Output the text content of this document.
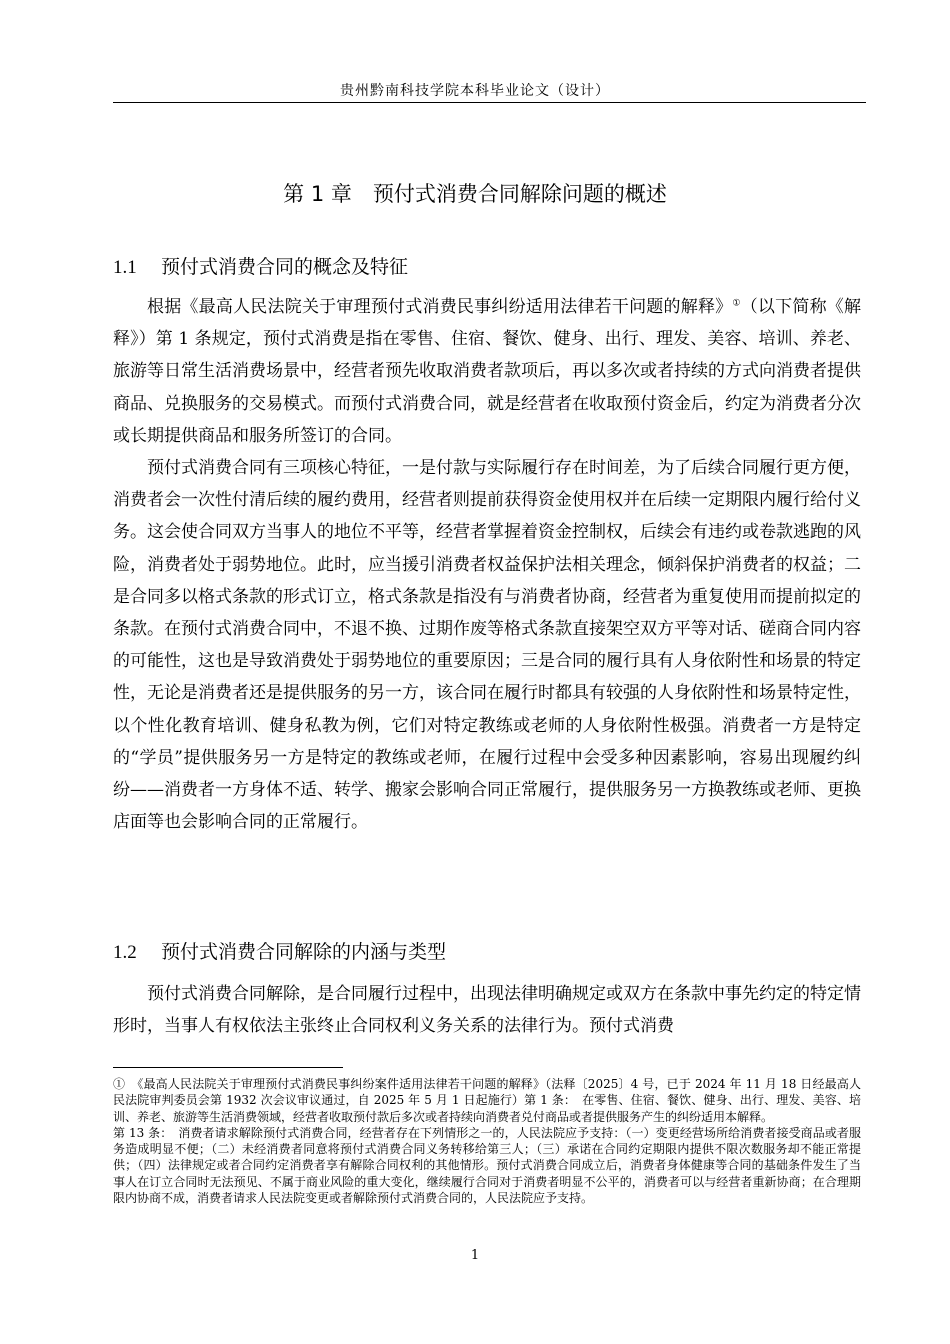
贵州黔南科技学院本科毕业论文（设计）
第 1 章　预付式消费合同解除问题的概述
1.1 预付式消费合同的概念及特征

根据《最高人民法院关于审理预付式消费民事纠纷适用法律若干问题的解释》①（以下简称《解释》）第 1 条规定，预付式消费是指在零售、住宿、餐饮、健身、出行、理发、美容、培训、养老、旅游等日常生活消费场景中，经营者预先收取消费者款项后，再以多次或者持续的方式向消费者提供商品、兑换服务的交易模式。而预付式消费合同，就是经营者在收取预付资金后，约定为消费者分次或长期提供商品和服务所签订的合同。

预付式消费合同有三项核心特征，一是付款与实际履行存在时间差，为了后续合同履行更方便，消费者会一次性付清后续的履约费用，经营者则提前获得资金使用权并在后续一定期限内履行给付义务。这会使合同双方当事人的地位不平等，经营者掌握着资金控制权，后续会有违约或卷款逃跑的风险，消费者处于弱势地位。此时，应当援引消费者权益保护法相关理念，倾斜保护消费者的权益；二是合同多以格式条款的形式订立，格式条款是指没有与消费者协商，经营者为重复使用而提前拟定的条款。在预付式消费合同中，不退不换、过期作废等格式条款直接架空双方平等对话、磋商合同内容的可能性，这也是导致消费处于弱势地位的重要原因；三是合同的履行具有人身依附性和场景的特定性，无论是消费者还是提供服务的另一方，该合同在履行时都具有较强的人身依附性和场景特定性，以个性化教育培训、健身私教为例，它们对特定教练或老师的人身依附性极强。消费者一方是特定的“学员”提供服务另一方是特定的教练或老师，在履行过程中会受多种因素影响，容易出现履约纠纷——消费者一方身体不适、转学、搬家会影响合同正常履行，提供服务另一方换教练或老师、更换店面等也会影响合同的正常履行。

1.2 预付式消费合同解除的内涵与类型

预付式消费合同解除，是合同履行过程中，出现法律明确规定或双方在条款中事先约定的特定情形时，当事人有权依法主张终止合同权利义务关系的法律行为。预付式消费

①　《最高人民法院关于审理预付式消费民事纠纷案件适用法律若干问题的解释》（法释〔2025〕4 号，已于 2024 年 11 月 18 日经最高人民法院审判委员会第 1932 次会议审议通过，自 2025 年 5 月 1 日起施行）第 1 条：　在零售、住宿、餐饮、健身、出行、理发、美容、培训、养老、旅游等生活消费领域，经营者收取预付款后多次或者持续向消费者兑付商品或者提供服务产生的纠纷适用本解释。

第 13 条：　消费者请求解除预付式消费合同，经营者存在下列情形之一的，人民法院应予支持：（一）变更经营场所给消费者接受商品或者服务造成明显不便；（二）未经消费者同意将预付式消费合同义务转移给第三人；（三）承诺在合同约定期限内提供不限次数服务却不能正常提供；（四）法律规定或者合同约定消费者享有解除合同权利的其他情形。预付式消费合同成立后，消费者身体健康等合同的基础条件发生了当事人在订立合同时无法预见、不属于商业风险的重大变化，继续履行合同对于消费者明显不公平的，消费者可以与经营者重新协商；在合理期限内协商不成，消费者请求人民法院变更或者解除预付式消费合同的，人民法院应予支持。

1
